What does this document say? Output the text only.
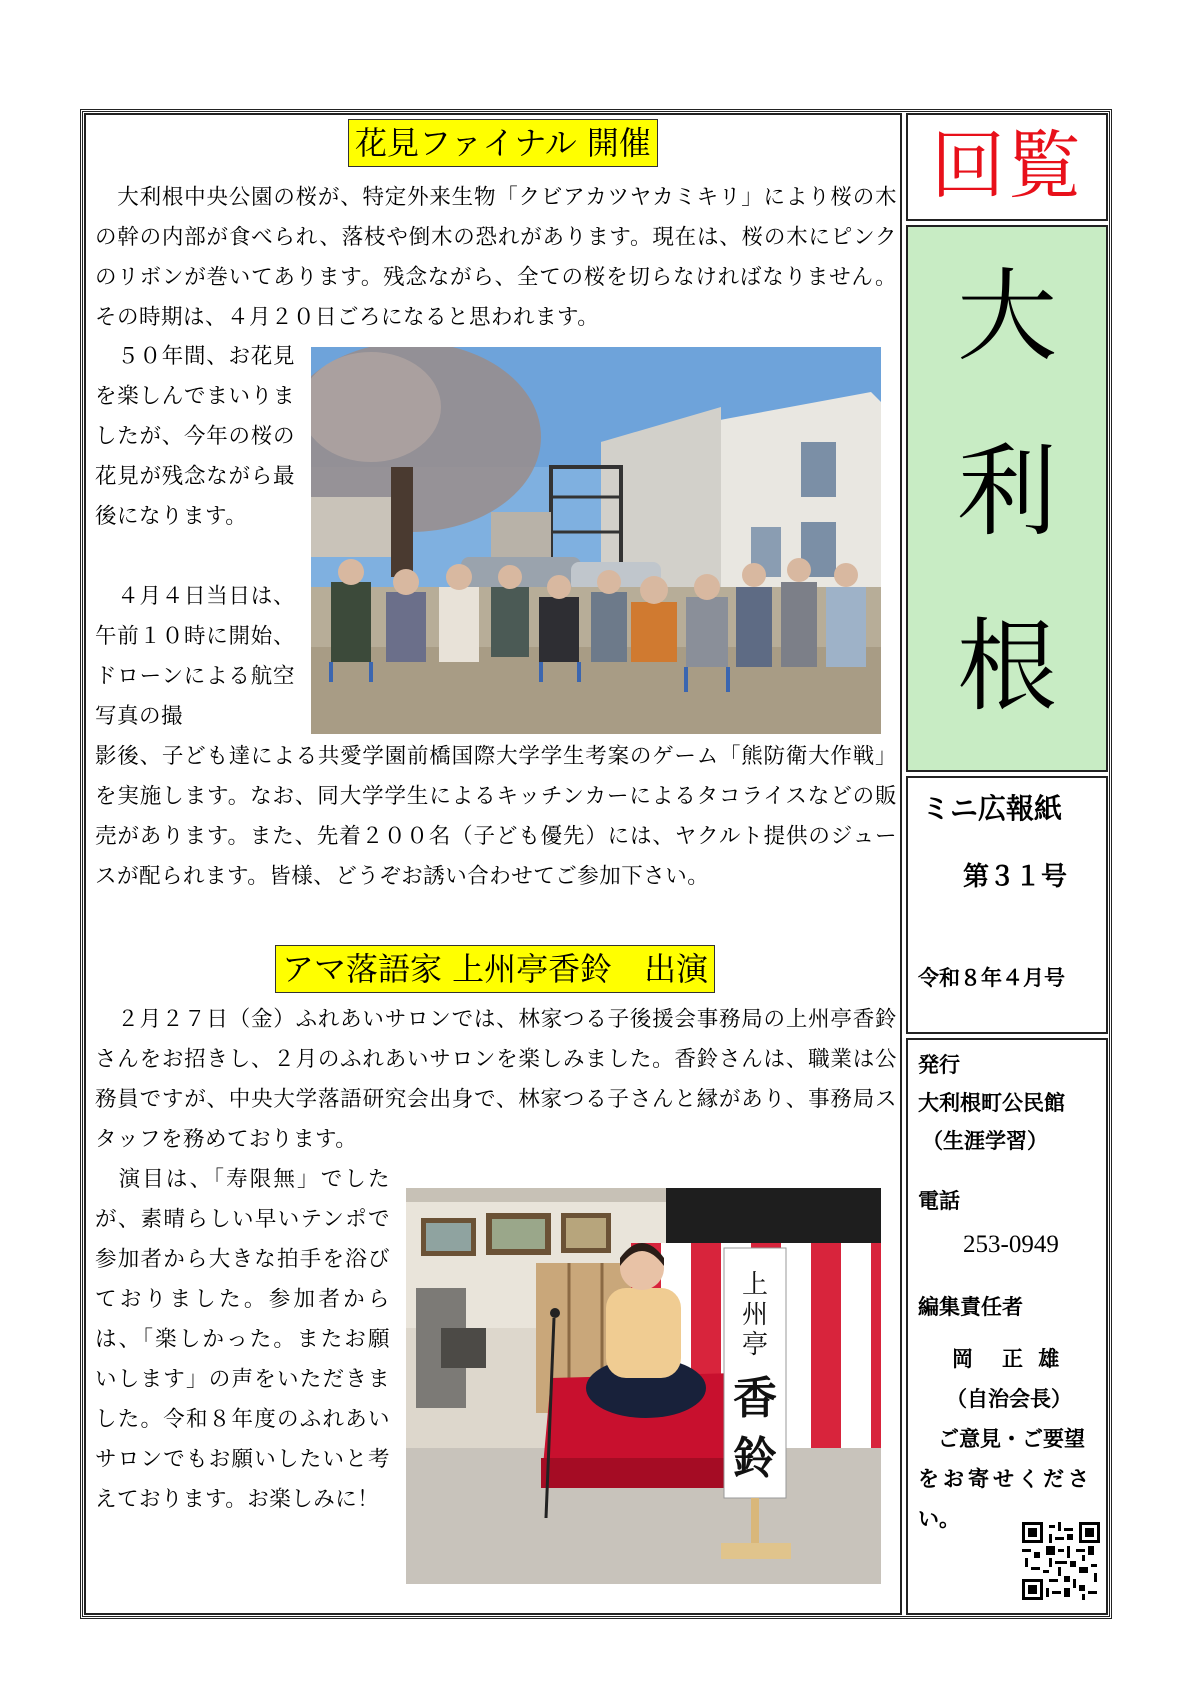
花見ファイナル 開催

　大利根中央公園の桜が、特定外来生物「クビアカツヤカミキリ」により桜の木の幹の内部が食べられ、落枝や倒木の恐れがあります。現在は、桜の木にピンクのリボンが巻いてあります。残念ながら、全ての桜を切らなければなりません。その時期は、４月２０日ごろになると思われます。

　５０年間、お花見を楽しんでまいりましたが、今年の桜の花見が残念ながら最後になります。

　４月４日当日は、午前１０時に開始、ドローンによる航空写真の撮

影後、子ども達による共愛学園前橋国際大学学生考案のゲーム「熊防衛大作戦」を実施します。なお、同大学学生によるキッチンカーによるタコライスなどの販売があります。また、先着２００名（子ども優先）には、ヤクルト提供のジュースが配られます。皆様、どうぞお誘い合わせてご参加下さい。

アマ落語家 上州亭香鈴　出演

　２月２７日（金）ふれあいサロンでは、林家つる子後援会事務局の上州亭香鈴さんをお招きし、２月のふれあいサロンを楽しみました。香鈴さんは、職業は公務員ですが、中央大学落語研究会出身で、林家つる子さんと縁があり、事務局スタッフを務めております。

　演目は、「寿限無」でしたが、素晴らしい早いテンポで参加者から大きな拍手を浴びておりました。参加者からは、「楽しかった。またお願いします」の声をいただきました。令和８年度のふれあいサロンでもお願いしたいと考えております。お楽しみに！

上
州
亭
香
鈴
回覧
大
利
根
ミニ広報紙
第３１号
令和８年４月号
発行
大利根町公民館
（生涯学習）
電話
253-0949
編集責任者
岡　正 雄
（自治会長）
ご意見・ご要望
をお寄せくださ
い。
